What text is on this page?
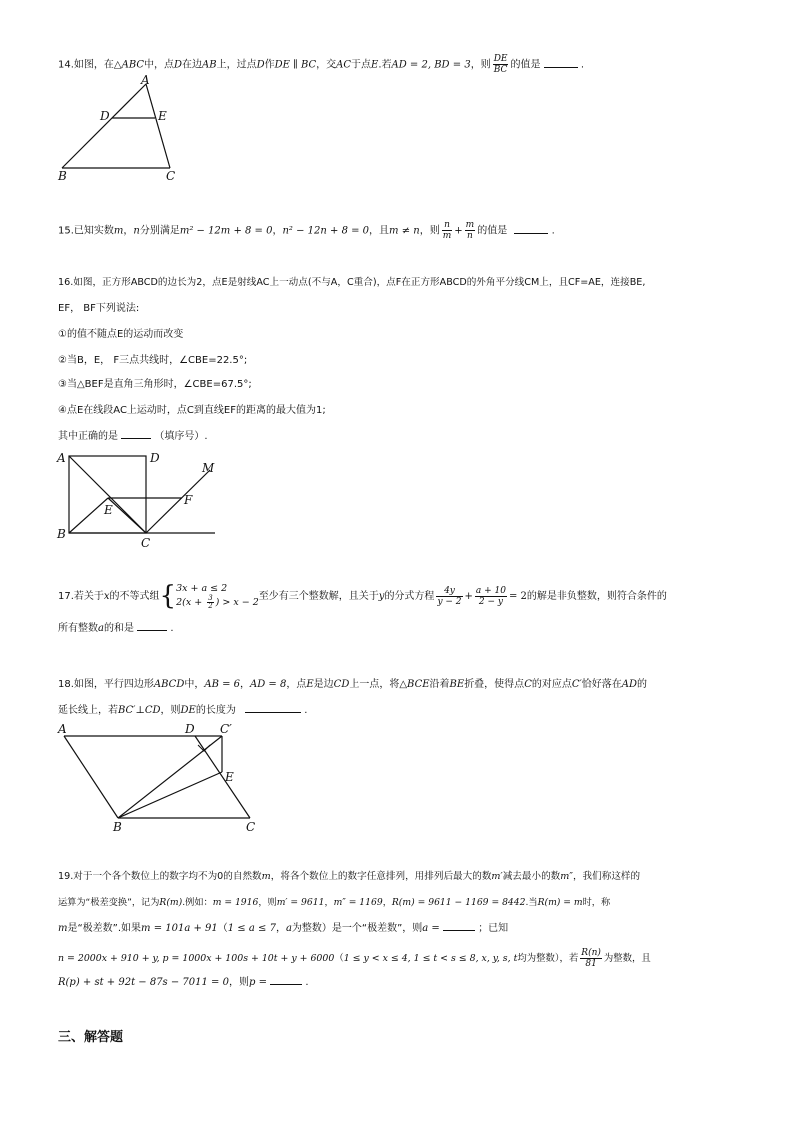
14.如图，在△ABC中，点D在边AB上，过点D作DE ∥ BC，交AC于点E.若AD = 2, BD = 3，则 $\frac{DE}{BC}$ 的值是	.
A
D	E
B	C
15.已知实数m，n分别满足m² − 12m + 8 = 0，n² − 12n + 8 = 0，且m ≠ n，则 $\frac{n}{m} + \frac{m}{n}$ 的值是	.
16.如图，正方形ABCD的边长为2，点E是射线AC上一动点(不与A，C重合)，点F在正方形ABCD的外角平分线CM上，且CF=AE，连接BE,
EF， BF下列说法:
①的值不随点E的运动而改变
②当B，E， F三点共线时，∠CBE=22.5°;
③当△BEF是直角三角形时，∠CBE=67.5°;
④点E在线段AC上运动时，点C到直线EF的距离的最大值为1;
其中正确的是	（填序号）.
A	D
B
C
E
F
M
17.若关于x的不等式组{ 3x + a ≤ 2
$2(x + \frac{3}{2}$ ) > x − 2
至少有三个整数解，且关于y的分式方程 $\frac{4y}{y - 2} + \frac{a + 10}{2 - y} = 2$的解是非负整数，则符合条件的
所有整数a的和是	.
18.如图，平行四边形ABCD中，AB = 6，AD = 8，点E是边CD上一点，将△BCE沿着BE折叠，使得点C的对应点C′恰好落在AD的
延长线上，若BC′⊥CD，则DE的长度为	.
A	D C′
E
B	C
19.对于一个各个数位上的数字均不为0的自然数m，将各个数位上的数字任意排列，用排列后最大的数m′减去最小的数m″，我们称这样的
运算为“极差变换”，记为R(m).例如：m = 1916，则m′ = 9611，m″ = 1169，R(m) = 9611 − 1169 = 8442.当R(m) = m时，称
m是“极差数”.如果m = 101a + 91（1 ≤ a ≤ 7，a为整数）是一个“极差数”，则a =	；已知
n = 2000x + 910 + y, p = 1000x + 100s + 10t + y + 6000（1 ≤ y < x ≤ 4, 1 ≤ t < s ≤ 8, x, y, s, t均为整数），若 $\frac{R(n)}{81}$ 为整数，且
R(p) + st + 92t − 87s − 7011 = 0，则p =	.
三、解答题
